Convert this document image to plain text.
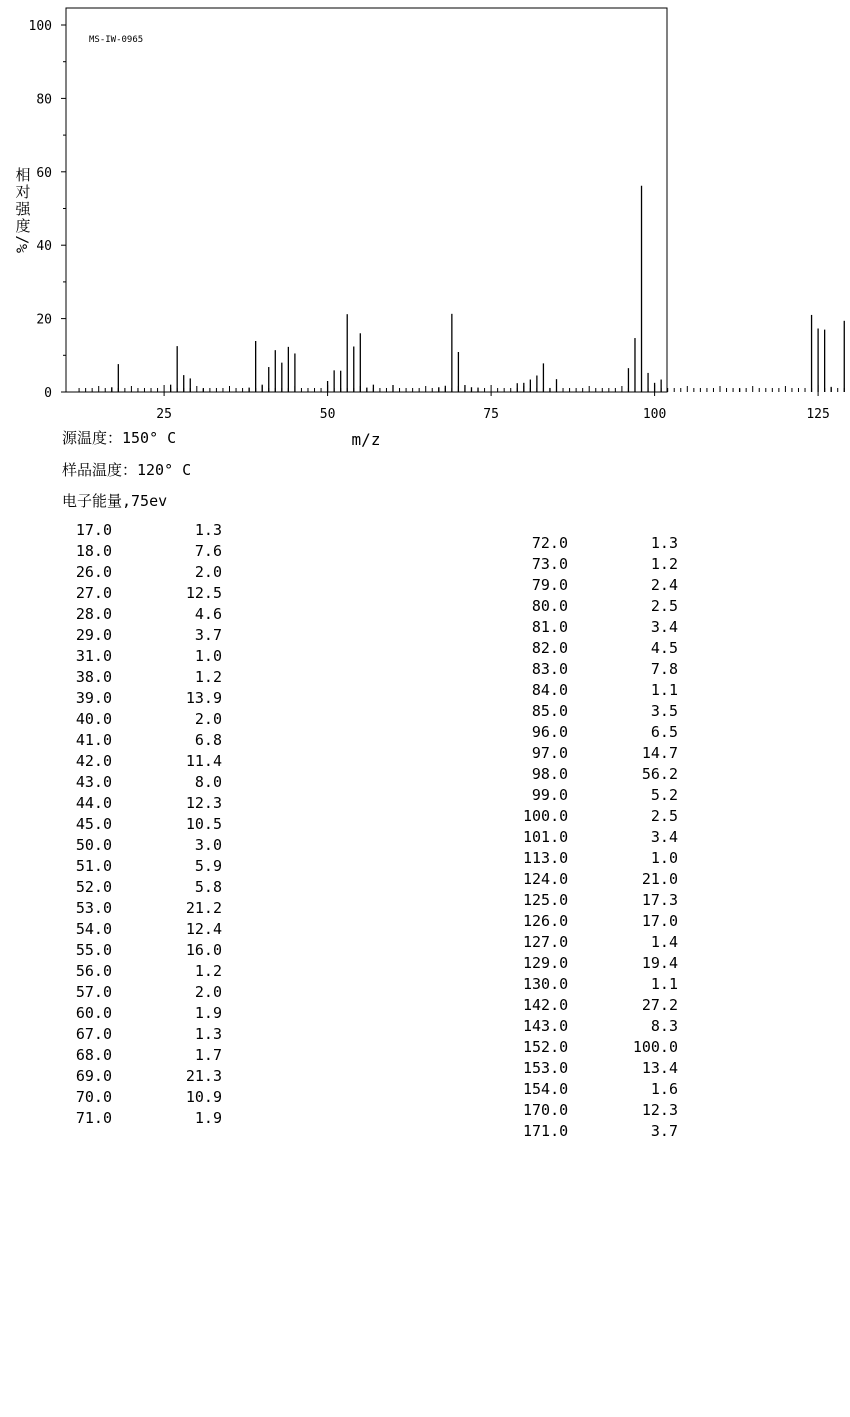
0
20
40
60
80
100
25	50	75	100	125
MS-IW-0965
相
对
强
度
%/
m/z
源温度：150° C
样品温度：120° C
电子能量,75ev
17.0	1.3
18.0	7.6
26.0	2.0
27.0	12.5
28.0	4.6
29.0	3.7
31.0	1.0
38.0	1.2
39.0	13.9
40.0	2.0
41.0	6.8
42.0	11.4
43.0	8.0
44.0	12.3
45.0	10.5
50.0	3.0
51.0	5.9
52.0	5.8
53.0	21.2
54.0	12.4
55.0	16.0
56.0	1.2
57.0	2.0
60.0	1.9
67.0	1.3
68.0	1.7
69.0	21.3
70.0	10.9
71.0	1.9
72.0	1.3
73.0	1.2
79.0	2.4
80.0	2.5
81.0	3.4
82.0	4.5
83.0	7.8
84.0	1.1
85.0	3.5
96.0	6.5
97.0	14.7
98.0	56.2
99.0	5.2
100.0	2.5
101.0	3.4
113.0	1.0
124.0	21.0
125.0	17.3
126.0	17.0
127.0	1.4
129.0	19.4
130.0	1.1
142.0	27.2
143.0	8.3
152.0	100.0
153.0	13.4
154.0	1.6
170.0	12.3
171.0	3.7
